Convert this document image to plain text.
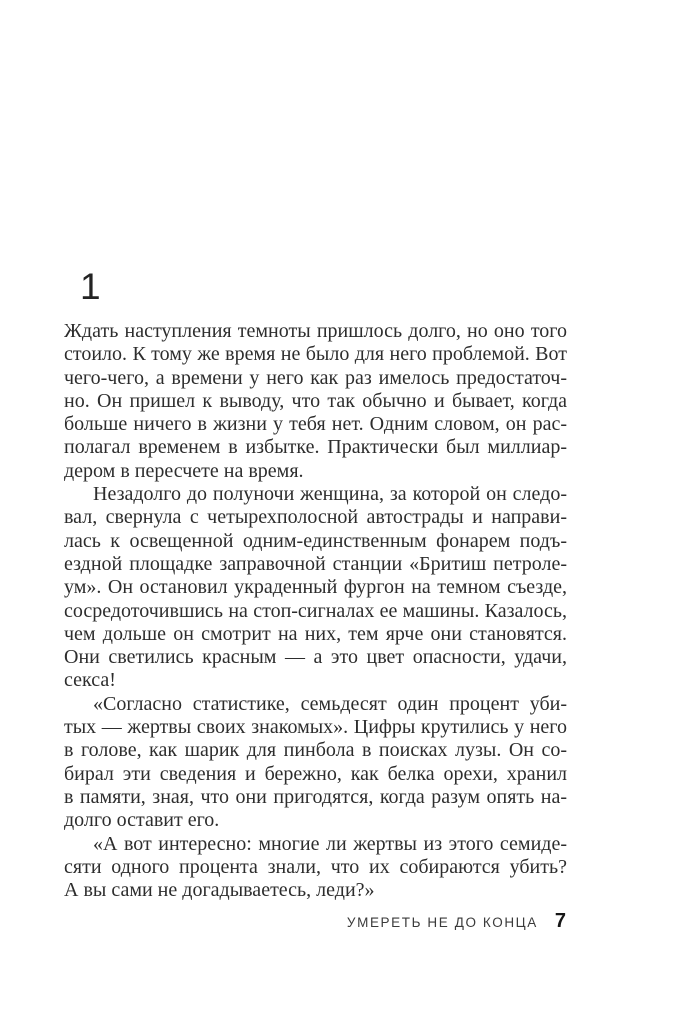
1
Ждать наступления темноты пришлось долго, но оно того
стоило. К тому же время не было для него проблемой. Вот
чего-чего, а времени у него как раз имелось предостаточ-
но. Он пришел к выводу, что так обычно и бывает, когда
больше ничего в жизни у тебя нет. Одним словом, он рас-
полагал временем в избытке. Практически был миллиар-
дером в пересчете на время.
Незадолго до полуночи женщина, за которой он следо-
вал, свернула с четырехполосной автострады и направи-
лась к освещенной одним-единственным фонарем подъ-
ездной площадке заправочной станции «Бритиш петроле-
ум». Он остановил украденный фургон на темном съезде,
сосредоточившись на стоп-сигналах ее машины. Казалось,
чем дольше он смотрит на них, тем ярче они становятся.
Они светились красным — а это цвет опасности, удачи,
секса!
«Согласно статистике, семьдесят один процент уби-
тых — жертвы своих знакомых». Цифры крутились у него
в голове, как шарик для пинбола в поисках лузы. Он со-
бирал эти сведения и бережно, как белка орехи, хранил
в памяти, зная, что они пригодятся, когда разум опять на-
долго оставит его.
«А вот интересно: многие ли жертвы из этого семиде-
сяти одного процента знали, что их собираются убить?
А вы сами не догадываетесь, леди?»
УМЕРЕТЬ НЕ ДО КОНЦА 7
